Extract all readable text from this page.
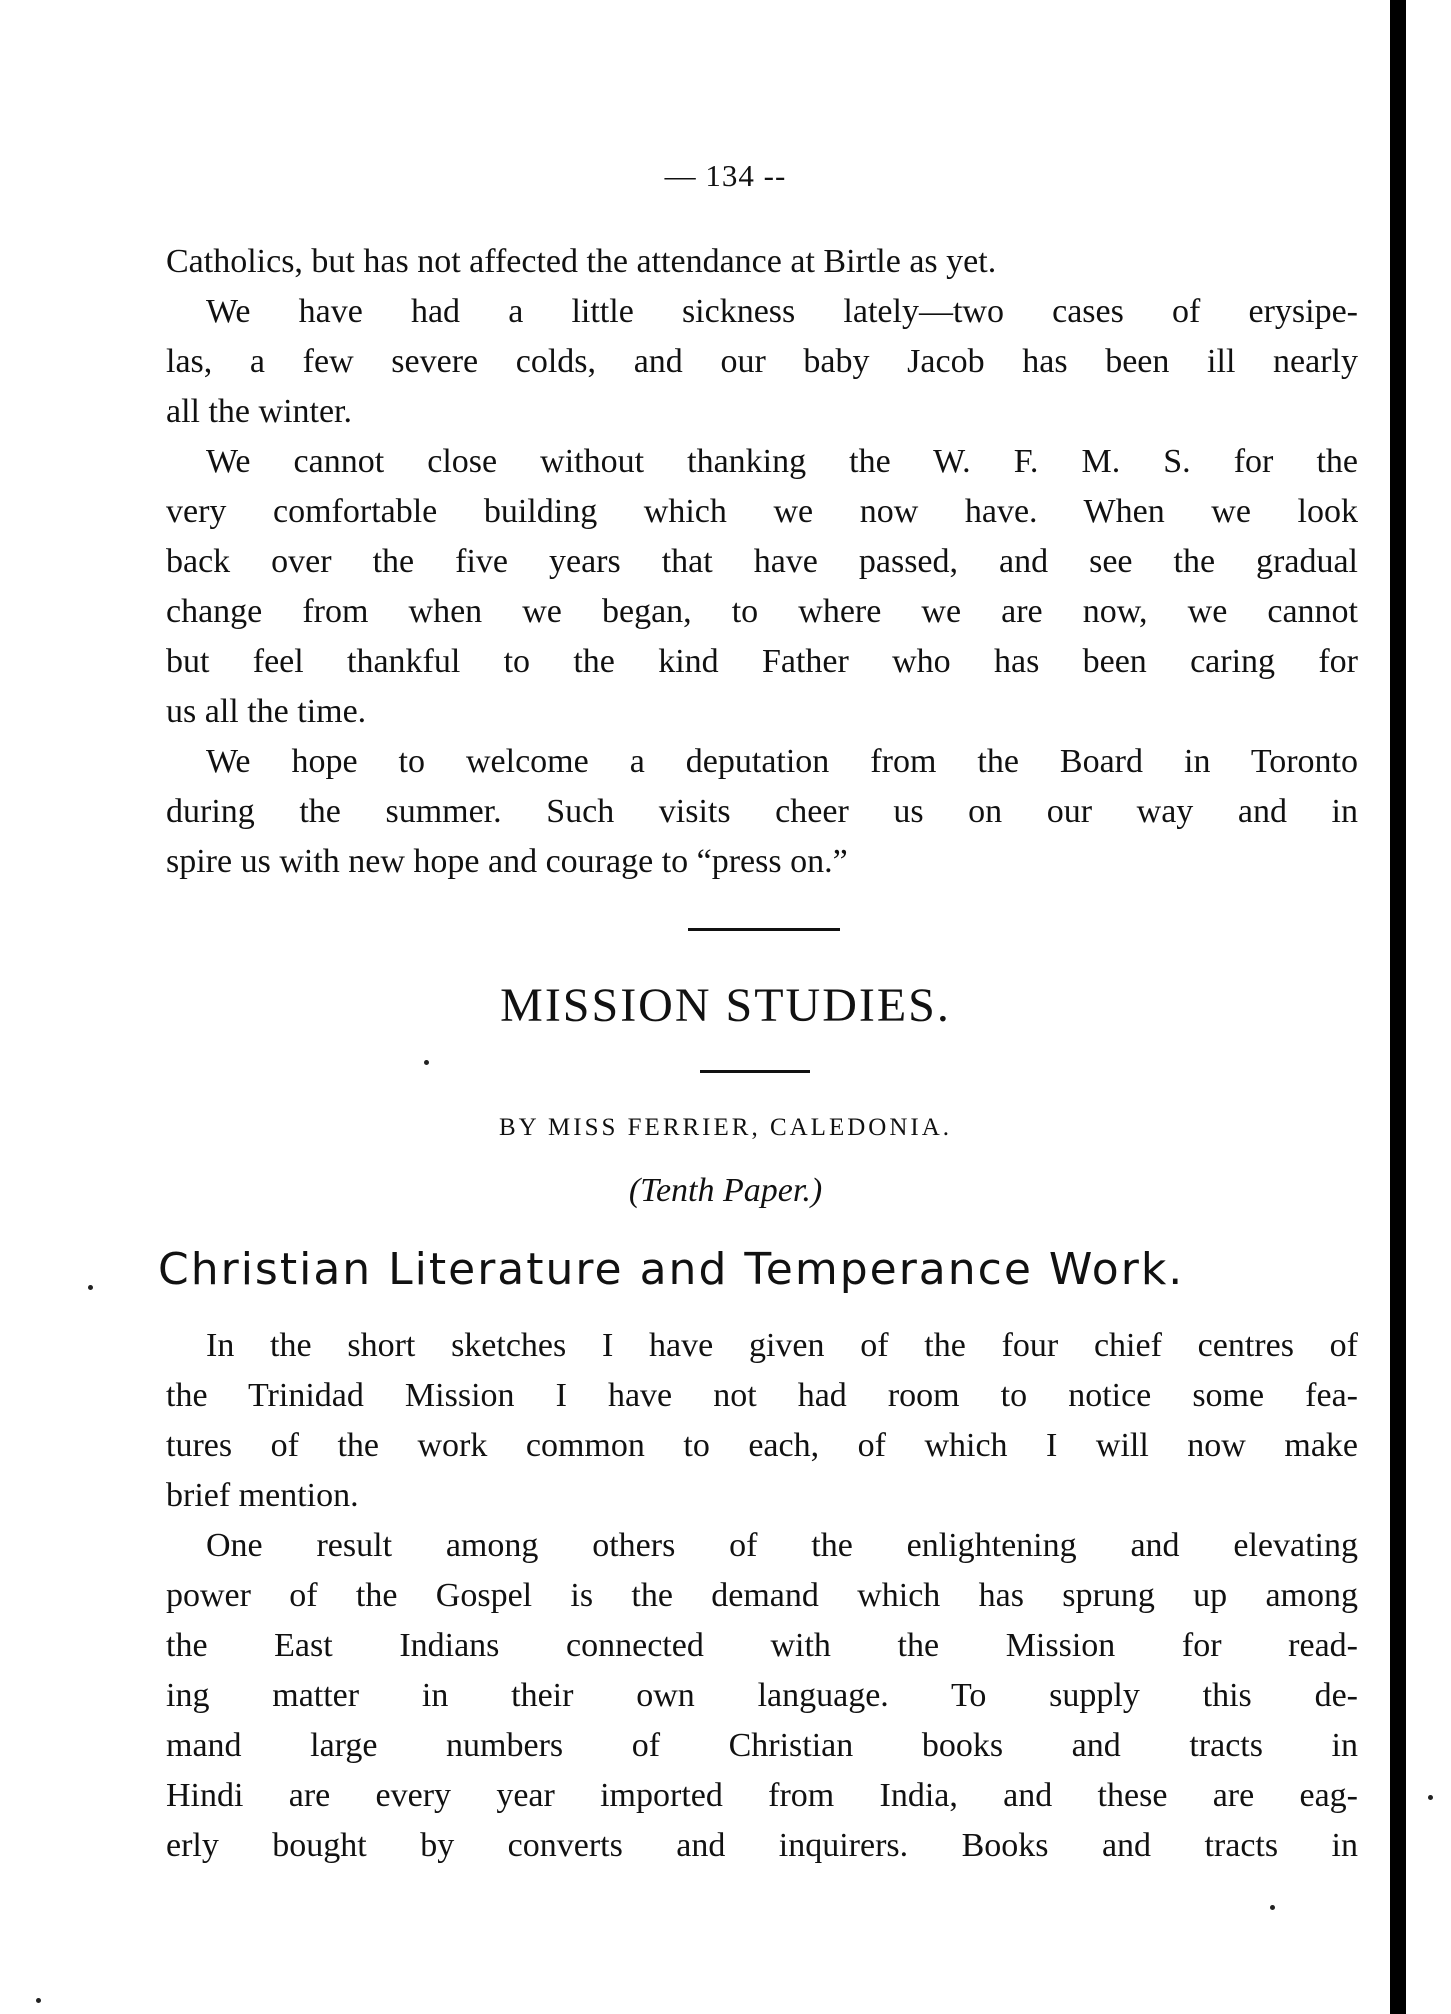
— 134 --
Catholics, but has not affected the attendance at Birtle as yet.
We have had a little sickness lately—two cases of erysipe-
las, a few severe colds, and our baby Jacob has been ill nearly
all the winter.
We cannot close without thanking the W. F. M. S. for the
very comfortable building which we now have. When we look
back over the five years that have passed, and see the gradual
change from when we began, to where we are now, we cannot
but feel thankful to the kind Father who has been caring for
us all the time.
We hope to welcome a deputation from the Board in Toronto
during the summer. Such visits cheer us on our way and in
spire us with new hope and courage to “press on.”
MISSION STUDIES.
BY MISS FERRIER, CALEDONIA.
(Tenth Paper.)
Christian Literature and Temperance Work.
In the short sketches I have given of the four chief centres of
the Trinidad Mission I have not had room to notice some fea-
tures of the work common to each, of which I will now make
brief mention.
One result among others of the enlightening and elevating
power of the Gospel is the demand which has sprung up among
the East Indians connected with the Mission for read-
ing matter in their own language. To supply this de-
mand large numbers of Christian books and tracts in
Hindi are every year imported from India, and these are eag-
erly bought by converts and inquirers. Books and tracts in
